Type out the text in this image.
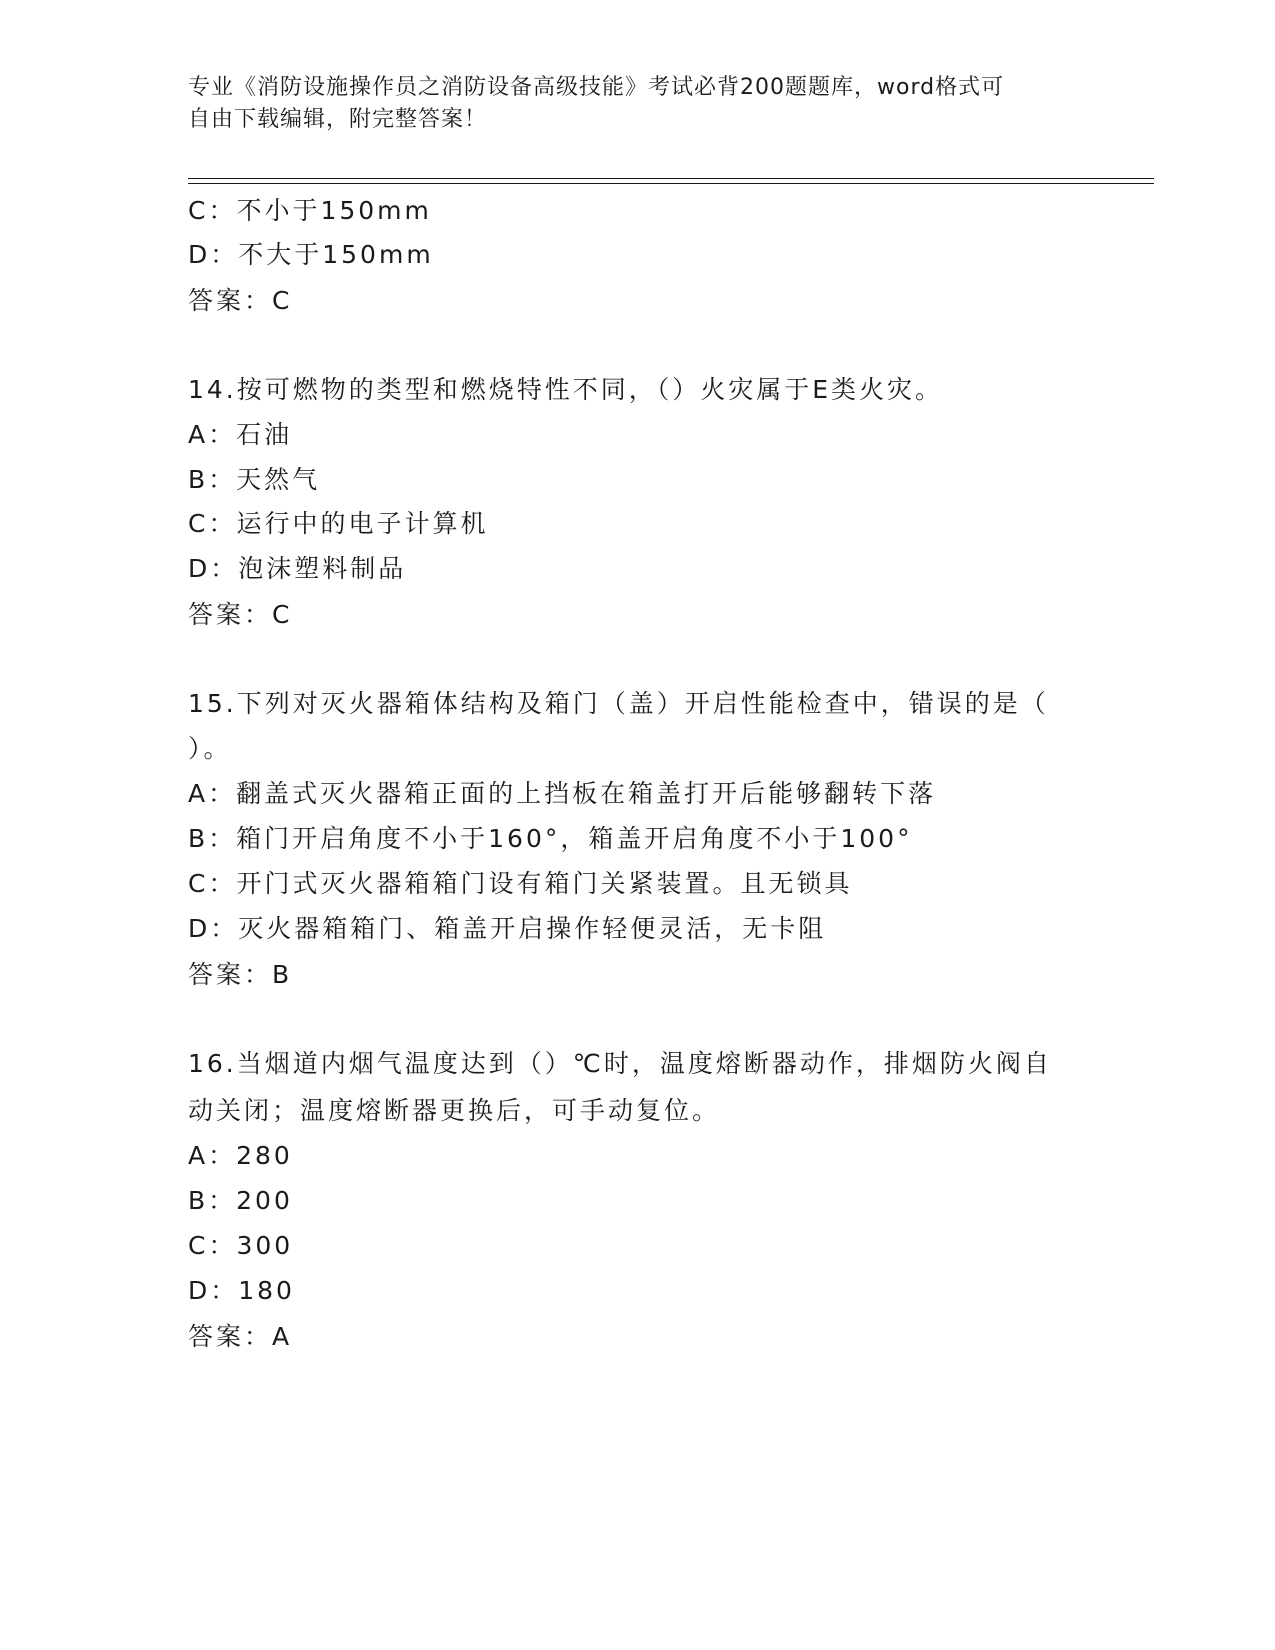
专业《消防设施操作员之消防设备高级技能》考试必背200题题库，word格式可
自由下载编辑，附完整答案！
C：不小于150mm
D：不大于150mm
答案：C
14.按可燃物的类型和燃烧特性不同，（）火灾属于E类火灾。
A：石油
B：天然气
C：运行中的电子计算机
D：泡沫塑料制品
答案：C
15.下列对灭火器箱体结构及箱门（盖）开启性能检查中，错误的是（
）。
A：翻盖式灭火器箱正面的上挡板在箱盖打开后能够翻转下落
B：箱门开启角度不小于160°，箱盖开启角度不小于100°
C：开门式灭火器箱箱门设有箱门关紧装置。且无锁具
D：灭火器箱箱门、箱盖开启操作轻便灵活，无卡阻
答案：B
16.当烟道内烟气温度达到（）℃时，温度熔断器动作，排烟防火阀自
动关闭；温度熔断器更换后，可手动复位。
A：280
B：200
C：300
D：180
答案：A
